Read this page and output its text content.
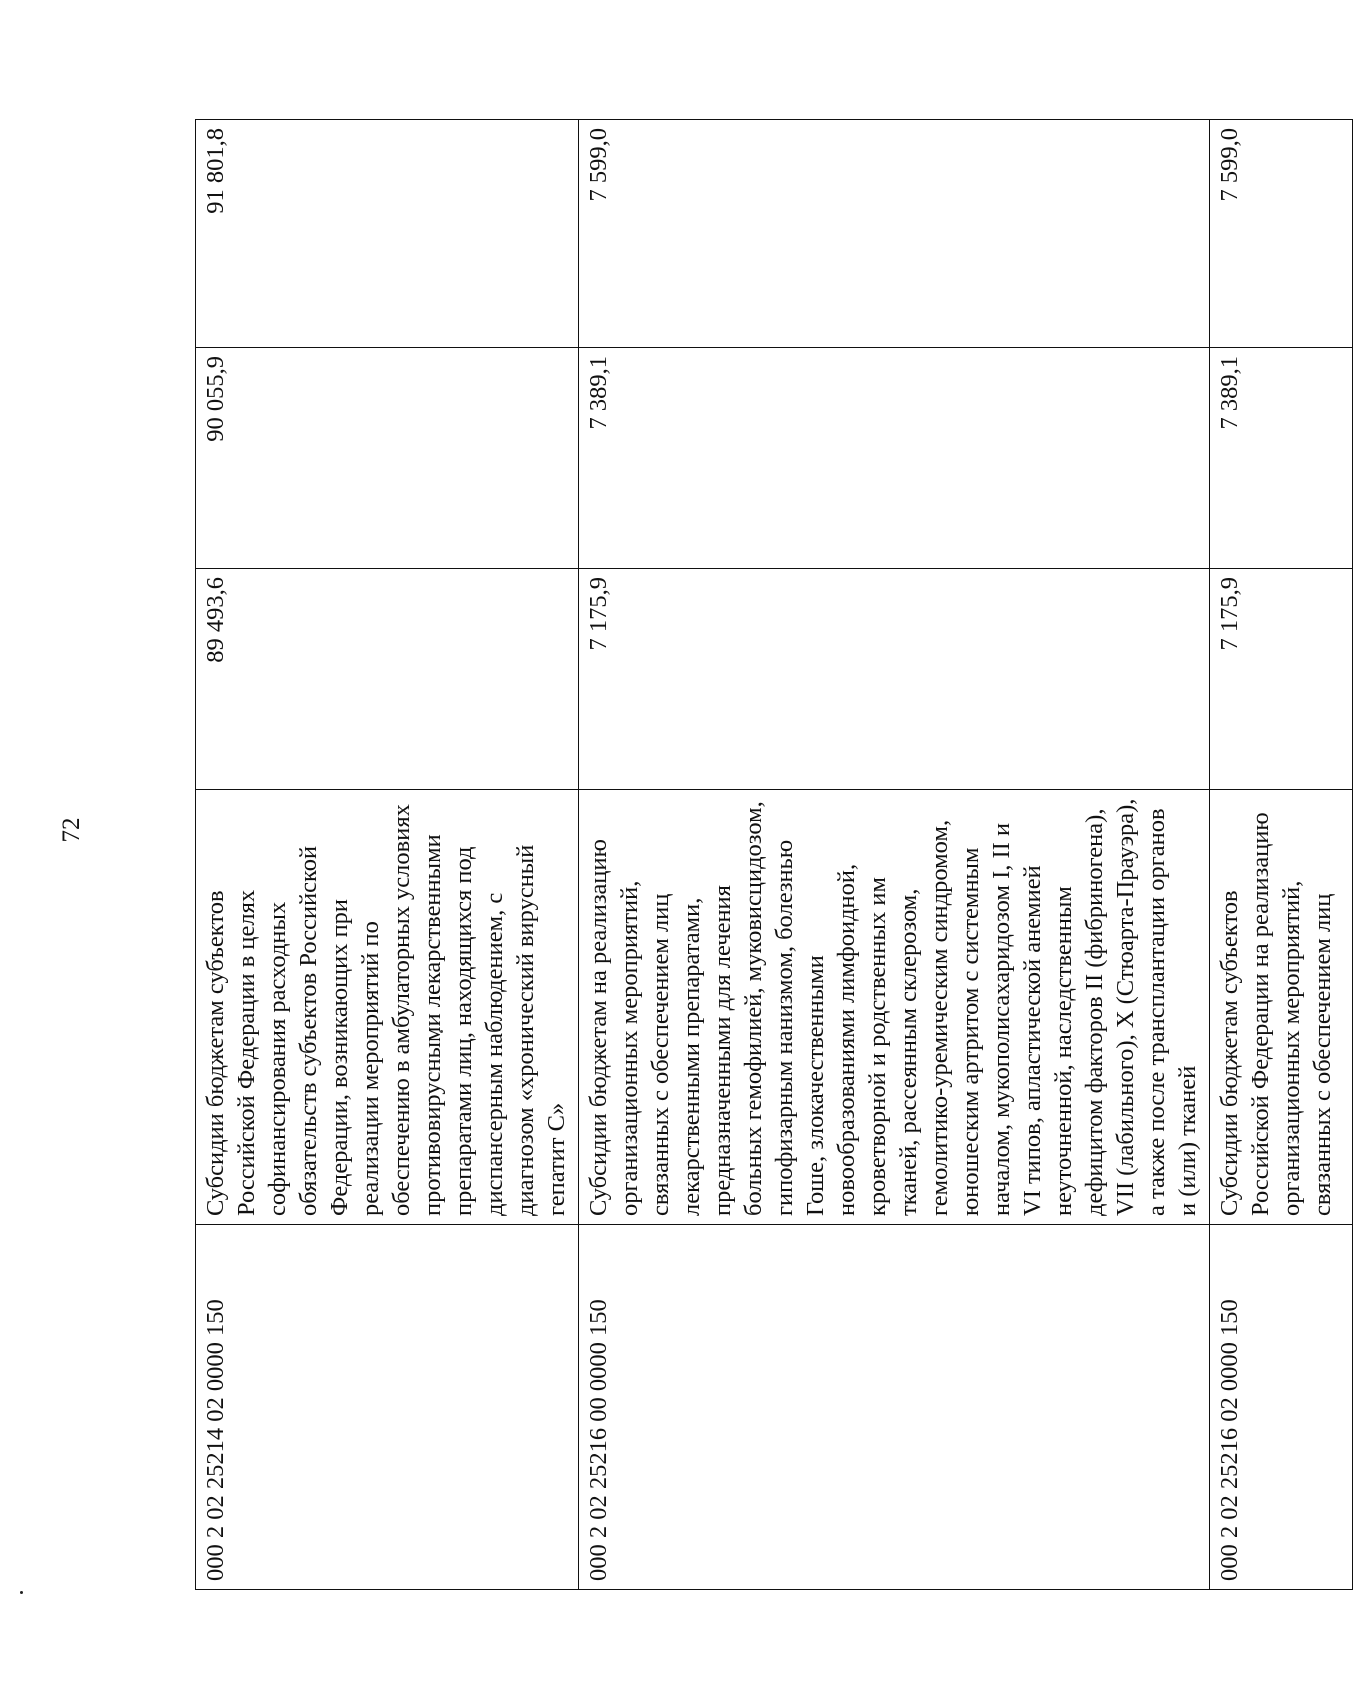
72
000 2 02 25214 02 0000 150	Субсидии бюджетам субъектов Российской Федерации в целях софинансирования расходных обязательств субъектов Российской Федерации, возникающих при реализации мероприятий по обеспечению в амбулаторных условиях противовирусными лекарственными препаратами лиц, находящихся под диспансерным наблюдением, с диагнозом «хронический вирусный гепатит С»	89 493,6	90 055,9	91 801,8
000 2 02 25216 00 0000 150	Субсидии бюджетам на реализацию организационных мероприятий, связанных с обеспечением лиц лекарственными препаратами, предназначенными для лечения больных гемофилией, муковисцидозом, гипофизарным нанизмом, болезнью Гоше, злокачественными новообразованиями лимфоидной, кроветворной и родственных им тканей, рассеянным склерозом, гемолитико-уремическим синдромом, юношеским артритом с системным началом, мукополисахаридозом I, II и VI типов, апластической анемией неуточненной, наследственным дефицитом факторов II (фибриногена), VII (лабильного), X (Стюарта-Прауэра), а также после трансплантации органов и (или) тканей	7 175,9	7 389,1	7 599,0
000 2 02 25216 02 0000 150	Субсидии бюджетам субъектов Российской Федерации на реализацию организационных мероприятий, связанных с обеспечением лиц	7 175,9	7 389,1	7 599,0
